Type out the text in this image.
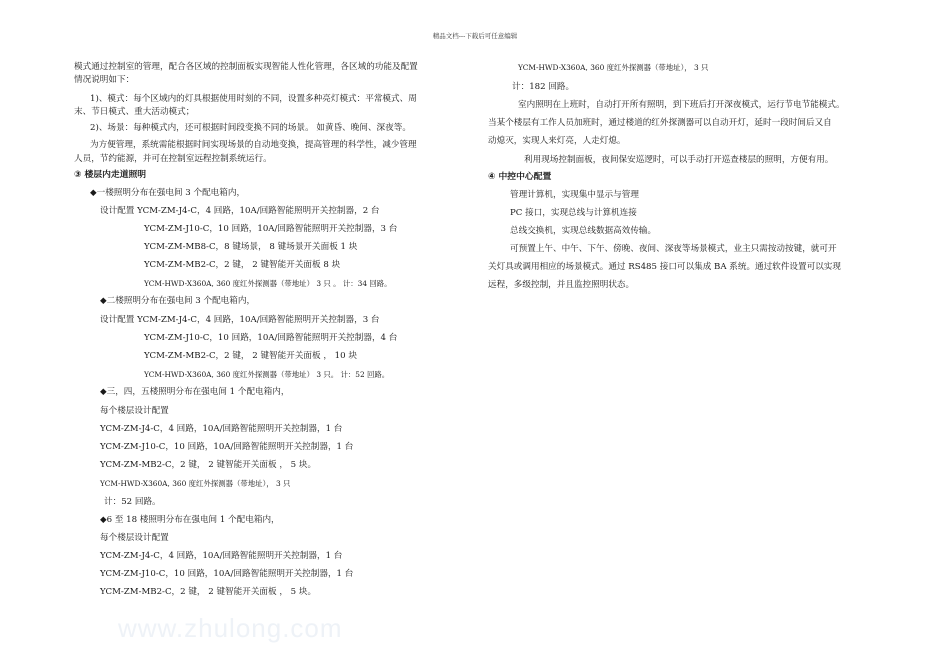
精品文档---下载后可任意编辑
www.zhulong.com
模式通过控制室的管理，配合各区域的控制面板实现智能人性化管理，各区域的功能及配置
情况说明如下：
1)、模式：每个区域内的灯具根据使用时刻的不同，设置多种亮灯模式：平常模式、周
末、节日模式、重大活动模式；
2)、场景：每种模式内，还可根据时间段变换不同的场景。 如黄昏、晚间、深夜等。
为方便管理，系统需能根据时间实现场景的自动地变换，提高管理的科学性，减少管理
人员，节约能源，并可在控制室远程控制系统运行。
③ 楼层内走道照明
◆一楼照明分布在强电间 3 个配电箱内，
设计配置 YCM-ZM-J4-C，4 回路，10A/回路智能照明开关控制器，2 台
YCM-ZM-J10-C，10 回路，10A/回路智能照明开关控制器，3 台
YCM-ZM-MB8-C，8 键场景， 8 键场景开关面板 1 块
YCM-ZM-MB2-C，2 键， 2 键智能开关面板 8 块
YCM-HWD-X360A, 360 度红外探测器（带地址） 3 只 。 计：34 回路。
◆二楼照明分布在强电间 3 个配电箱内，
设计配置 YCM-ZM-J4-C，4 回路，10A/回路智能照明开关控制器，3 台
YCM-ZM-J10-C，10 回路，10A/回路智能照明开关控制器，4 台
YCM-ZM-MB2-C，2 键， 2 键智能开关面板 ， 10 块
YCM-HWD-X360A, 360 度红外探测器（带地址） 3 只。 计：52 回路。
◆三，四，五楼照明分布在强电间 1 个配电箱内，
每个楼层设计配置
YCM-ZM-J4-C，4 回路，10A/回路智能照明开关控制器，1 台
YCM-ZM-J10-C，10 回路，10A/回路智能照明开关控制器，1 台
YCM-ZM-MB2-C，2 键， 2 键智能开关面板 ， 5 块。
YCM-HWD-X360A, 360 度红外探测器（带地址）， 3 只
计：52 回路。
◆6 至 18 楼照明分布在强电间 1 个配电箱内，
每个楼层设计配置
YCM-ZM-J4-C，4 回路，10A/回路智能照明开关控制器，1 台
YCM-ZM-J10-C，10 回路，10A/回路智能照明开关控制器，1 台
YCM-ZM-MB2-C，2 键， 2 键智能开关面板 ， 5 块。
YCM-HWD-X360A, 360 度红外探测器（带地址）， 3 只
计：182 回路。
室内照明在上班时，自动打开所有照明，到下班后打开深夜模式，运行节电节能模式。
当某个楼层有工作人员加班时，通过楼道的红外探测器可以自动开灯，延时一段时间后又自
动熄灭，实现人来灯亮，人走灯熄。
利用现场控制面板，夜间保安巡逻时，可以手动打开巡查楼层的照明，方便有用。
④ 中控中心配置
管理计算机，实现集中显示与管理
PC 接口，实现总线与计算机连接
总线交换机，实现总线数据高效传输。
可预置上午、中午、下午、傍晚、夜间、深夜等场景模式，业主只需按动按键，就可开
关灯具或调用相应的场景模式。通过 RS485 接口可以集成 BA 系统。通过软件设置可以实现
远程，多级控制，并且监控照明状态。
